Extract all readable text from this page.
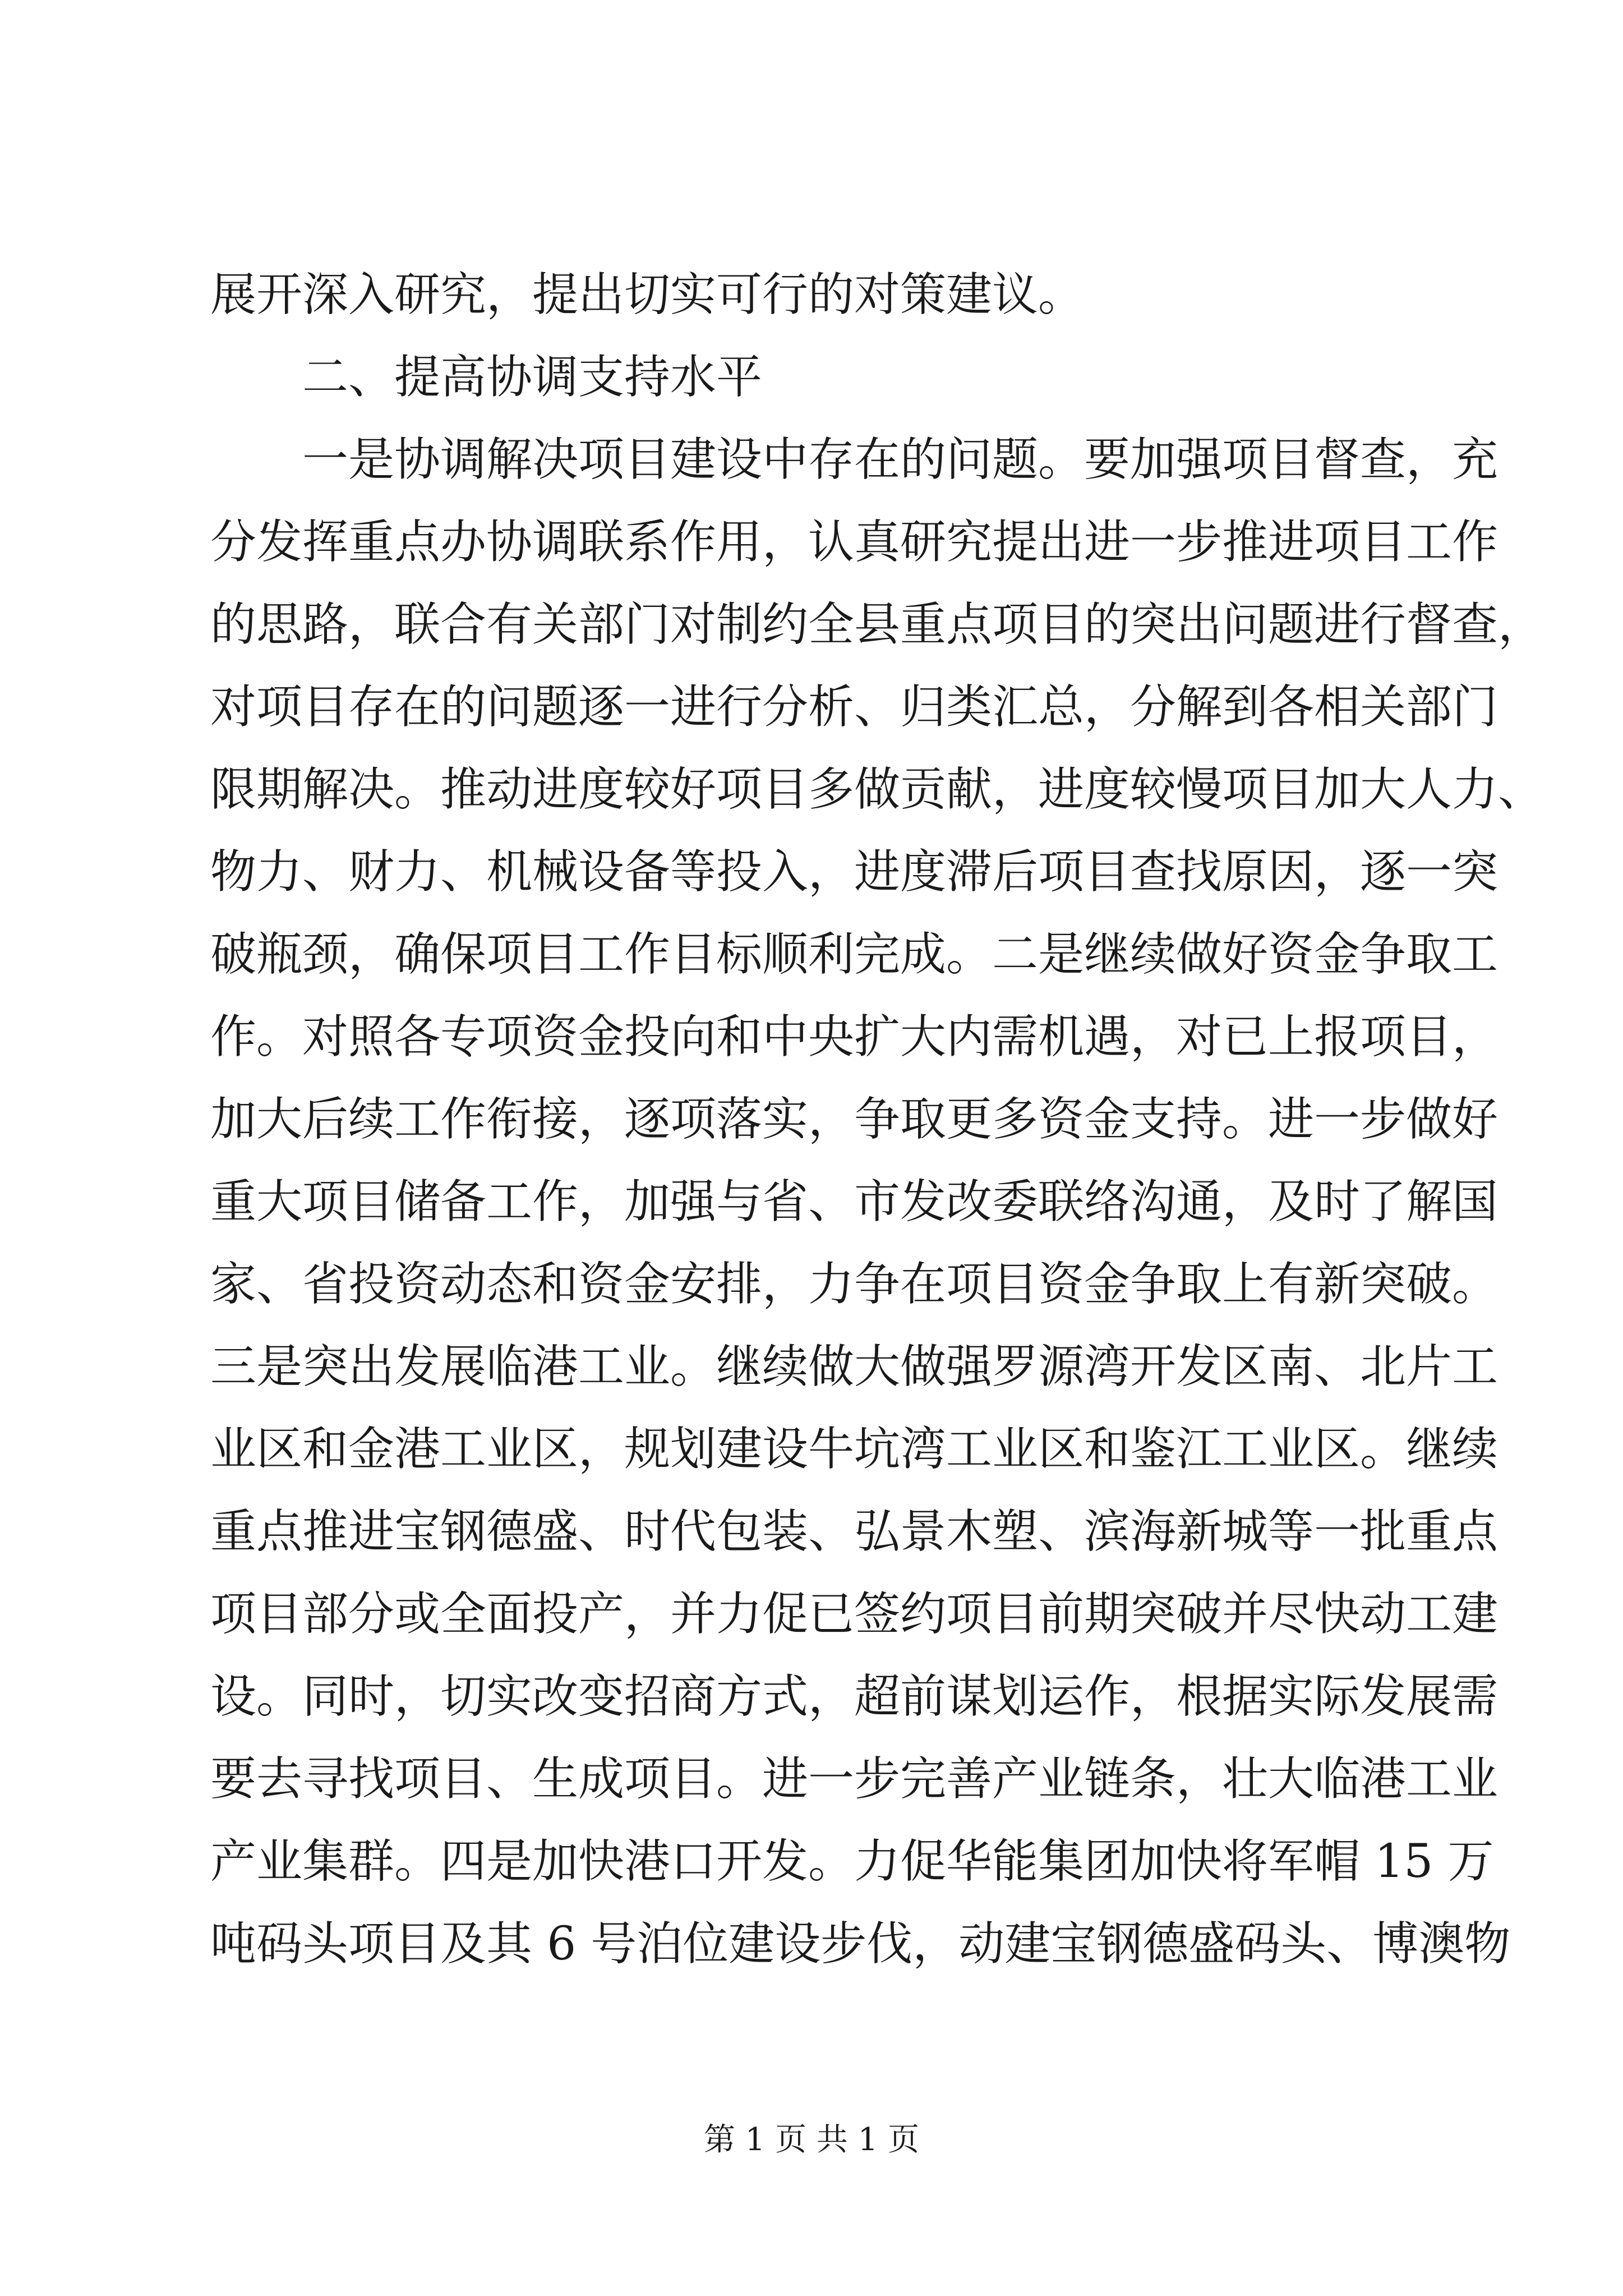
展开深入研究，提出切实可行的对策建议。
二、提高协调支持水平
一是协调解决项目建设中存在的问题。要加强项目督查，充
分发挥重点办协调联系作用，认真研究提出进一步推进项目工作
的思路，联合有关部门对制约全县重点项目的突出问题进行督查，
对项目存在的问题逐一进行分析、归类汇总，分解到各相关部门
限期解决。推动进度较好项目多做贡献，进度较慢项目加大人力、
物力、财力、机械设备等投入，进度滞后项目查找原因，逐一突
破瓶颈，确保项目工作目标顺利完成。二是继续做好资金争取工
作。对照各专项资金投向和中央扩大内需机遇，对已上报项目，
加大后续工作衔接，逐项落实，争取更多资金支持。进一步做好
重大项目储备工作，加强与省、市发改委联络沟通，及时了解国
家、省投资动态和资金安排，力争在项目资金争取上有新突破。
三是突出发展临港工业。继续做大做强罗源湾开发区南、北片工
业区和金港工业区，规划建设牛坑湾工业区和鉴江工业区。继续
重点推进宝钢德盛、时代包装、弘景木塑、滨海新城等一批重点
项目部分或全面投产，并力促已签约项目前期突破并尽快动工建
设。同时，切实改变招商方式，超前谋划运作，根据实际发展需
要去寻找项目、生成项目。进一步完善产业链条，壮大临港工业
产业集群。四是加快港口开发。力促华能集团加快将军帽 15 万
吨码头项目及其 6 号泊位建设步伐，动建宝钢德盛码头、博澳物
第 1 页 共 1 页
